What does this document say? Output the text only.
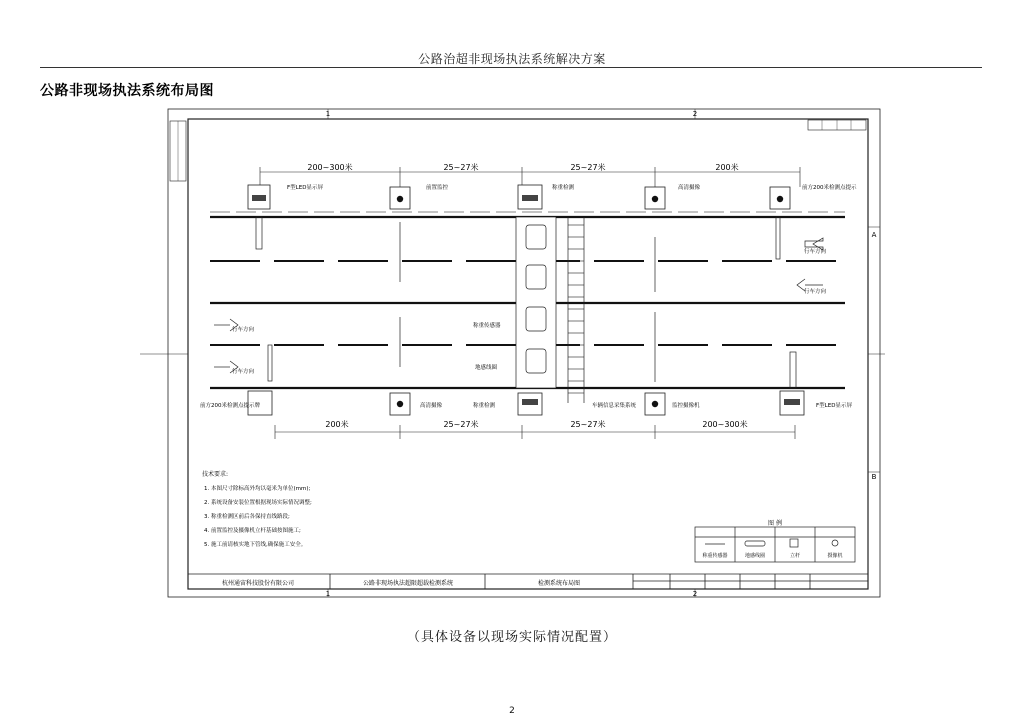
公路治超非现场执法系统解决方案
公路非现场执法系统布局图
1	2
1	2
A
B
200~300米	25~27米	25~27米	200米
200米	25~27米	25~27米	200~300米
F型LED显示屏	前置监控	称重检测	高清摄像	前方200米检测点提示
前方200米检测点提示牌	高清摄像	称重检测	车辆信息采集系统	监控摄像机	F型LED显示屏
行车方向
行车方向
行车方向
行车方向
称重传感器
地感线圈
技术要求:
1. 本图尺寸除标高外均以毫米为单位(mm);
2. 系统设备安装位置根据现场实际情况调整;
3. 称重检测区前后各保持直线路段;
4. 前置监控及摄像机立杆基础按图施工;
5. 施工前请核实地下管线,确保施工安全。
图 例
称重传感器	地感线圈	立杆	摄像机
杭州通宙科技股份有限公司	公路非现场执法超限超载检测系统	检测系统布局图
（具体设备以现场实际情况配置）
2
